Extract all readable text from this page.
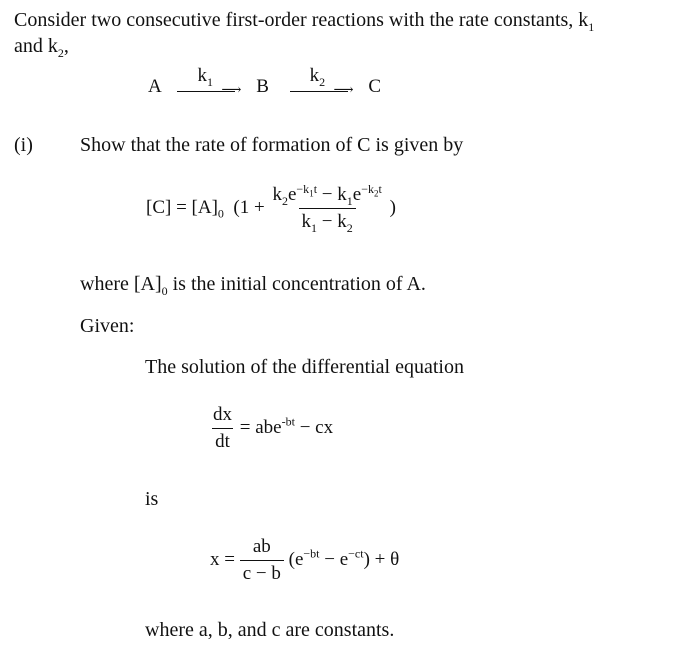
Consider two consecutive first-order reactions with the rate constants, $k_1$
and $k_2$,
A
$k_1$
⟶ B
$k_2$
⟶ C
(i) Show that the rate of formation of C is given by
$[C] = [A]_0$  ($1 + \frac{k_2e^{-k_1t} - k_1e^{-k_2t}}{k_1 - k_2}$ )
where $[A]_0$ is the initial concentration of A.
Given:
The solution of the differential equation
$\frac{dx}{dt} = abe^{-bt}$ − cx
is
$x = \frac{ab}{c - b} (e^{-bt} - e^{-ct}) + \theta$
where a, b, and c are constants.
